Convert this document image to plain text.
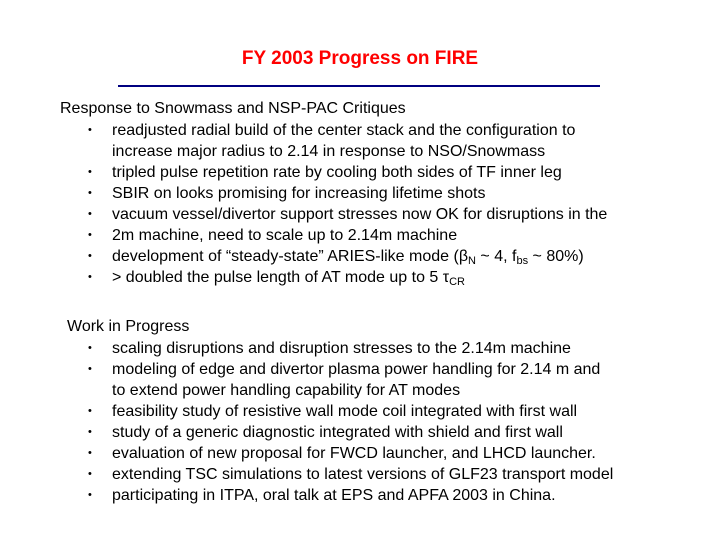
FY 2003 Progress on FIRE
Response to Snowmass and NSP-PAC Critiques
• readjusted radial build of the center stack and the configuration to
increase major radius to 2.14 in response to NSO/Snowmass
• tripled pulse repetition rate by cooling both sides of TF inner leg
• SBIR on looks promising for increasing lifetime shots
• vacuum vessel/divertor support stresses now OK for disruptions in the
• 2m machine, need to scale up to 2.14m machine
• development of “steady-state” ARIES-like mode ($\beta_N$ ~ 4, $f_{bs}$ ~ 80%)
• > doubled the pulse length of AT mode up to 5 $\tau_{CR}$
Work in Progress
• scaling disruptions and disruption stresses to the 2.14m machine
• modeling of edge and divertor plasma power handling for 2.14 m and
to extend power handling capability for AT modes
• feasibility study of resistive wall mode coil integrated with first wall
• study of a generic diagnostic integrated with shield and first wall
• evaluation of new proposal for FWCD launcher, and LHCD launcher.
• extending TSC simulations to latest versions of GLF23 transport model
• participating in ITPA, oral talk at EPS and APFA 2003 in China.
